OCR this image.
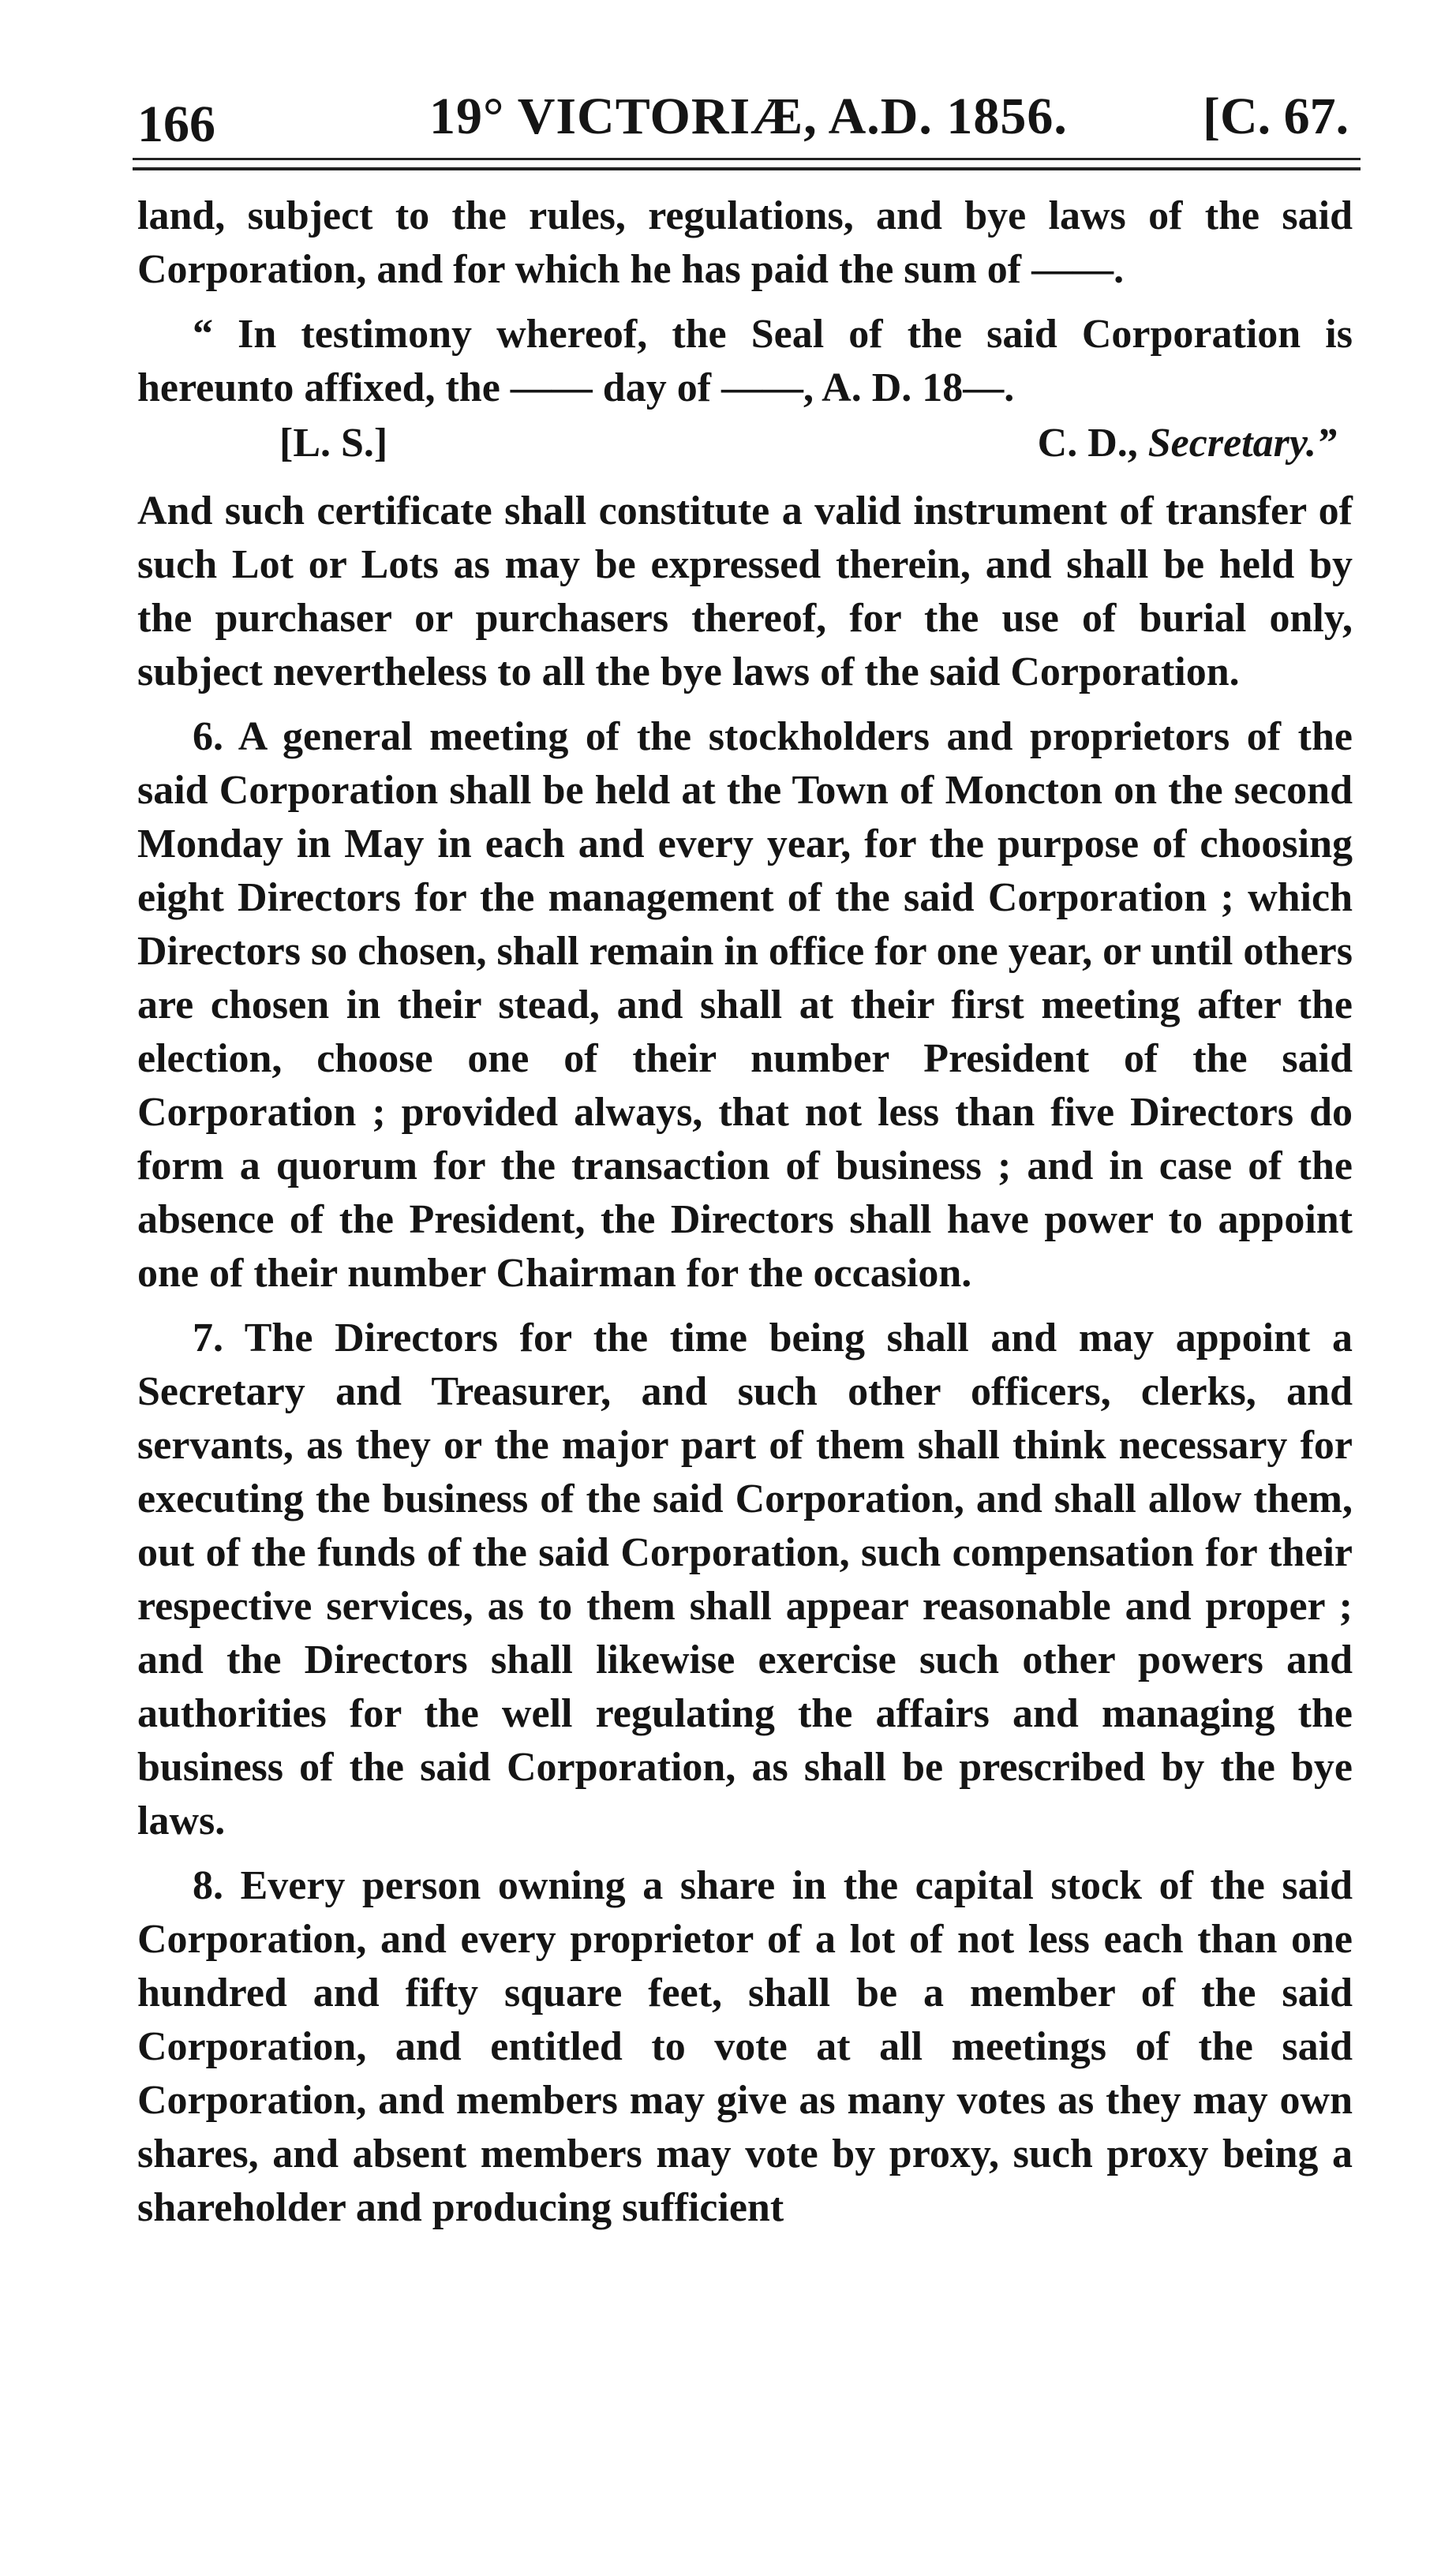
166	19° VICTORIÆ, A.D. 1856.	[C. 67.

land, subject to the rules, regulations, and bye laws of the said Corporation, and for which he has paid the sum of ——.

“ In testimony whereof, the Seal of the said Corporation is hereunto affixed, the —— day of ——, A. D. 18—.

[L. S.]	C. D., Secretary.”

And such certificate shall constitute a valid instrument of transfer of such Lot or Lots as may be expressed therein, and shall be held by the purchaser or purchasers thereof, for the use of burial only, subject nevertheless to all the bye laws of the said Corporation.

6. A general meeting of the stockholders and proprietors of the said Corporation shall be held at the Town of Moncton on the second Monday in May in each and every year, for the purpose of choosing eight Directors for the management of the said Corporation ; which Directors so chosen, shall remain in office for one year, or until others are chosen in their stead, and shall at their first meeting after the election, choose one of their number President of the said Corporation ; provided always, that not less than five Directors do form a quorum for the transaction of business ; and in case of the absence of the President, the Directors shall have power to appoint one of their number Chairman for the occasion.

7. The Directors for the time being shall and may appoint a Secretary and Treasurer, and such other officers, clerks, and servants, as they or the major part of them shall think necessary for executing the business of the said Corporation, and shall allow them, out of the funds of the said Corporation, such compensation for their respective services, as to them shall appear reasonable and proper ; and the Directors shall likewise exercise such other powers and authorities for the well regulating the affairs and managing the business of the said Corporation, as shall be prescribed by the bye laws.

8. Every person owning a share in the capital stock of the said Corporation, and every proprietor of a lot of not less each than one hundred and fifty square feet, shall be a member of the said Corporation, and entitled to vote at all meetings of the said Corporation, and members may give as many votes as they may own shares, and absent members may vote by proxy, such proxy being a shareholder and producing sufficient
